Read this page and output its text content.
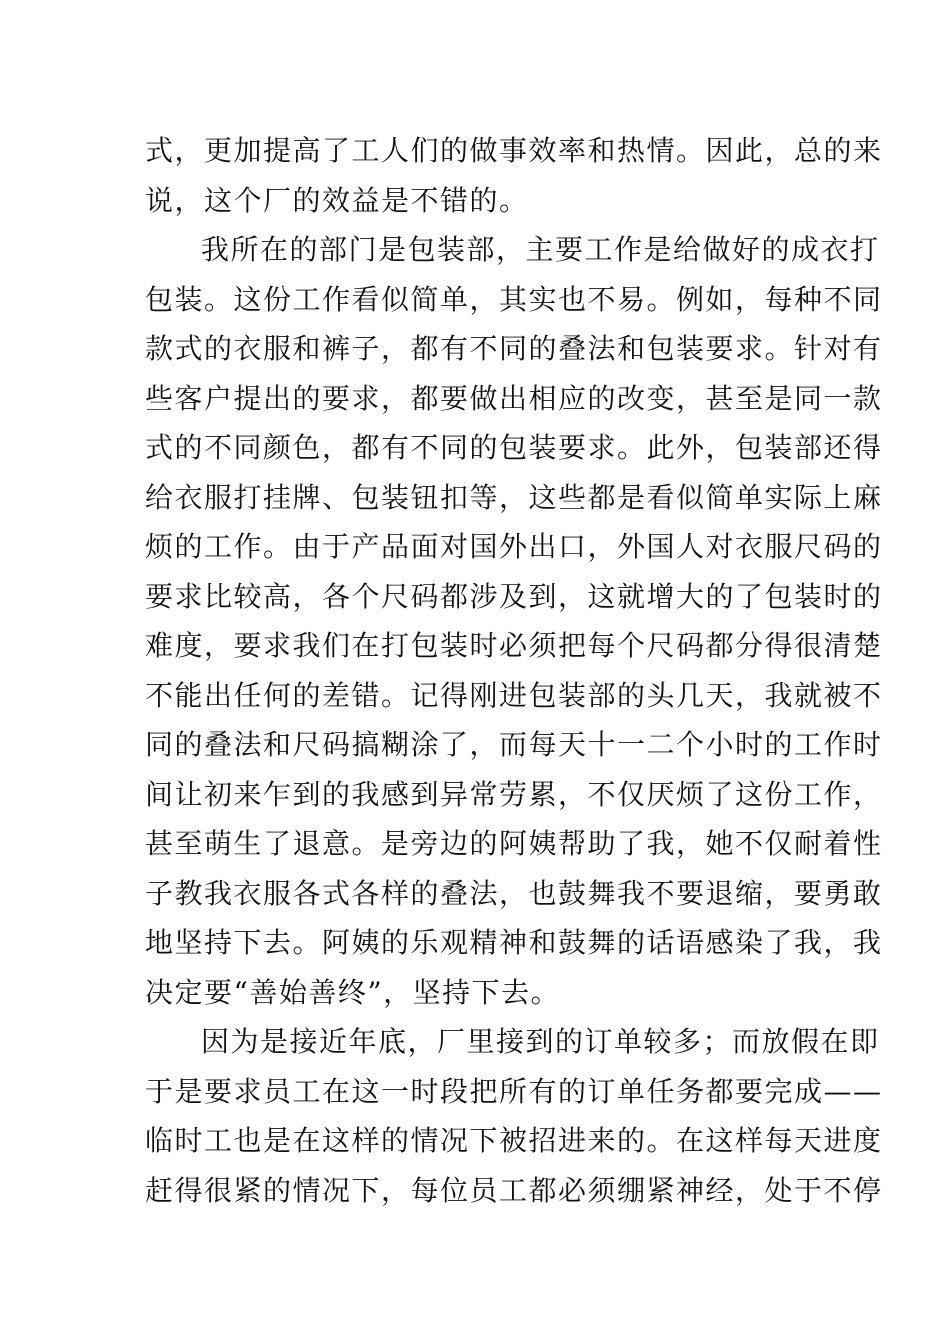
式，更加提高了工人们的做事效率和热情。因此，总的来
说，这个厂的效益是不错的。
我所在的部门是包装部，主要工作是给做好的成衣打
包装。这份工作看似简单，其实也不易。例如，每种不同
款式的衣服和裤子，都有不同的叠法和包装要求。针对有
些客户提出的要求，都要做出相应的改变，甚至是同一款
式的不同颜色，都有不同的包装要求。此外，包装部还得
给衣服打挂牌、包装钮扣等，这些都是看似简单实际上麻
烦的工作。由于产品面对国外出口，外国人对衣服尺码的
要求比较高，各个尺码都涉及到，这就增大的了包装时的
难度，要求我们在打包装时必须把每个尺码都分得很清楚
不能出任何的差错。记得刚进包装部的头几天，我就被不
同的叠法和尺码搞糊涂了，而每天十一二个小时的工作时
间让初来乍到的我感到异常劳累，不仅厌烦了这份工作，
甚至萌生了退意。是旁边的阿姨帮助了我，她不仅耐着性
子教我衣服各式各样的叠法，也鼓舞我不要退缩，要勇敢
地坚持下去。阿姨的乐观精神和鼓舞的话语感染了我，我
决定要“善始善终”，坚持下去。
因为是接近年底，厂里接到的订单较多；而放假在即
于是要求员工在这一时段把所有的订单任务都要完成——
临时工也是在这样的情况下被招进来的。在这样每天进度
赶得很紧的情况下，每位员工都必须绷紧神经，处于不停
